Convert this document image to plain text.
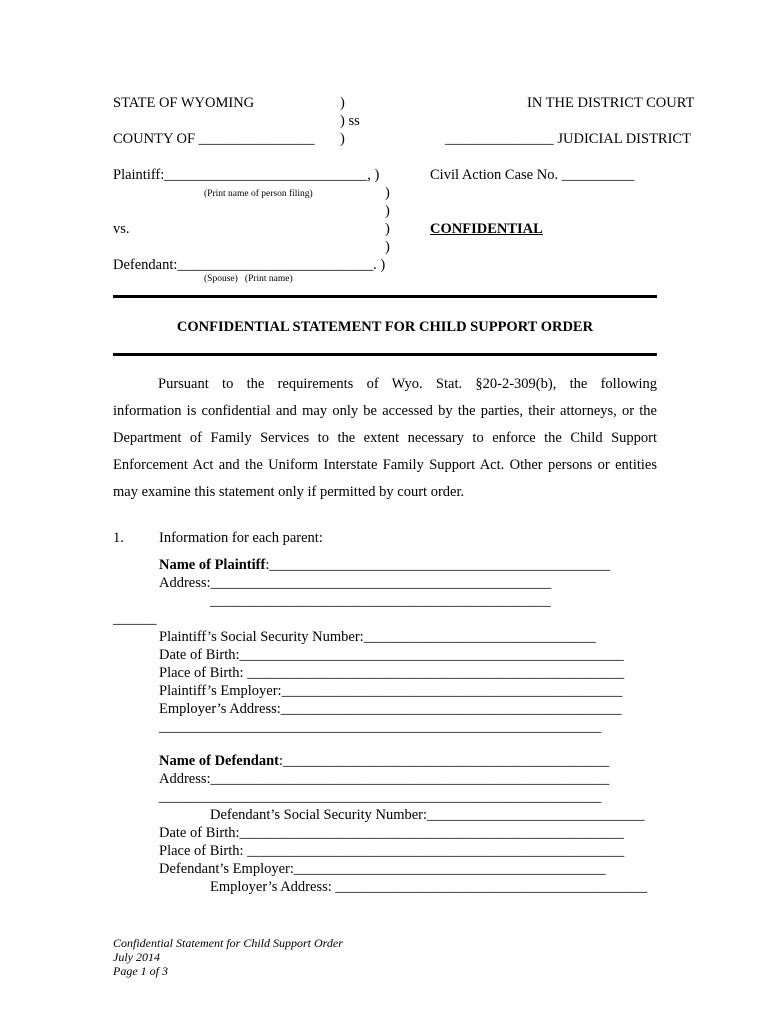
STATE OF WYOMING	)	IN THE DISTRICT COURT
) ss
COUNTY OF ________________ )	_______________ JUDICIAL DISTRICT
Plaintiff:____________________________, )	Civil Action Case No. __________
(Print name of person filing)	)
)
vs.	)	CONFIDENTIAL
)
Defendant:___________________________. )
(Spouse)   (Print name)
CONFIDENTIAL STATEMENT FOR CHILD SUPPORT ORDER

Pursuant to the requirements of Wyo. Stat. §20-2-309(b), the following

information is confidential and may only be accessed by the parties, their attorneys, or the Department of Family Services to the extent necessary to enforce the Child Support Enforcement Act and the Uniform Interstate Family Support Act. Other persons or entities may examine this statement only if permitted by court order.

1. Information for each parent:
Name of Plaintiff:_______________________________________________
Address:_______________________________________________
_______________________________________________
______
Plaintiff’s Social Security Number:________________________________
Date of Birth:_____________________________________________________
Place of Birth: ____________________________________________________
Plaintiff’s Employer:_______________________________________________
Employer’s Address:_______________________________________________
_____________________________________________________________
Name of Defendant:_____________________________________________
Address:_______________________________________________________
_____________________________________________________________
Defendant’s Social Security Number:______________________________
Date of Birth:_____________________________________________________
Place of Birth: ____________________________________________________
Defendant’s Employer:___________________________________________
Employer’s Address: ___________________________________________
Confidential Statement for Child Support Order
July 2014
Page 1 of 3
